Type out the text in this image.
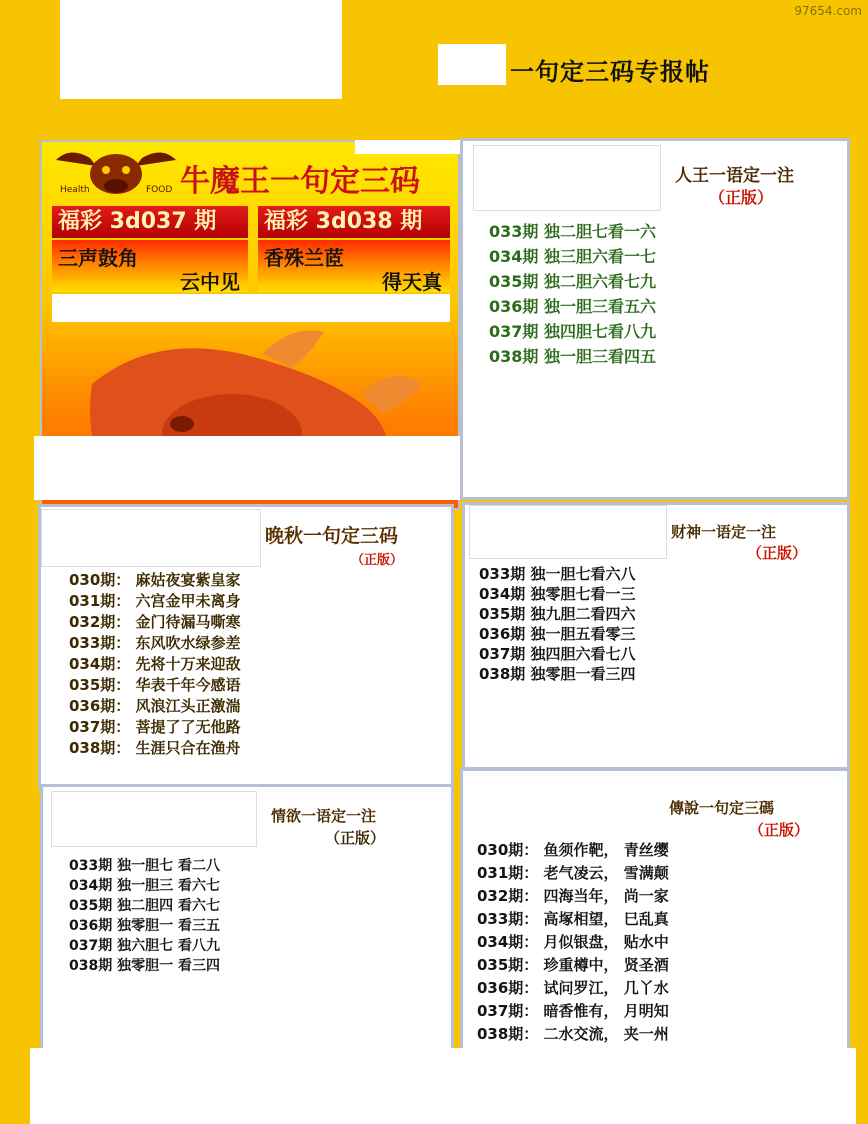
一句定三码专报帖
97654.com
Health	FOOD 牛魔王一句定三码
福彩 3d037 期	福彩 3d038 期
三声鼓角
云中见
香殊兰茝
得天真
人王一语定一注
（正版）
033期 独二胆七看一六
034期 独三胆六看一七
035期 独二胆六看七九
036期 独一胆三看五六
037期 独四胆七看八九
038期 独一胆三看四五
晚秋一句定三码
（正版）
030期： 麻姑夜宴紫皇家
031期： 六宫金甲未离身
032期： 金门待漏马嘶寒
033期： 东风吹水绿参差
034期： 先将十万来迎敌
035期： 华表千年今感语
036期： 风浪江头正激湍
037期： 菩提了了无他路
038期： 生涯只合在渔舟
财神一语定一注
（正版）
033期 独一胆七看六八
034期 独零胆七看一三
035期 独九胆二看四六
036期 独一胆五看零三
037期 独四胆六看七八
038期 独零胆一看三四
情欲一语定一注
（正版）
033期 独一胆七 看二八
034期 独一胆三 看六七
035期 独二胆四 看六七
036期 独零胆一 看三五
037期 独六胆七 看八九
038期 独零胆一 看三四
傳說一句定三碼
（正版）
030期： 鱼须作靶， 青丝缨
031期： 老气凌云， 雪满颠
032期： 四海当年， 尚一家
033期： 高塚相望， 巳乱真
034期： 月似银盘， 贴水中
035期： 珍重樽中， 贤圣酒
036期： 试问罗江， 几丫水
037期： 暗香惟有， 月明知
038期： 二水交流， 夹一州
